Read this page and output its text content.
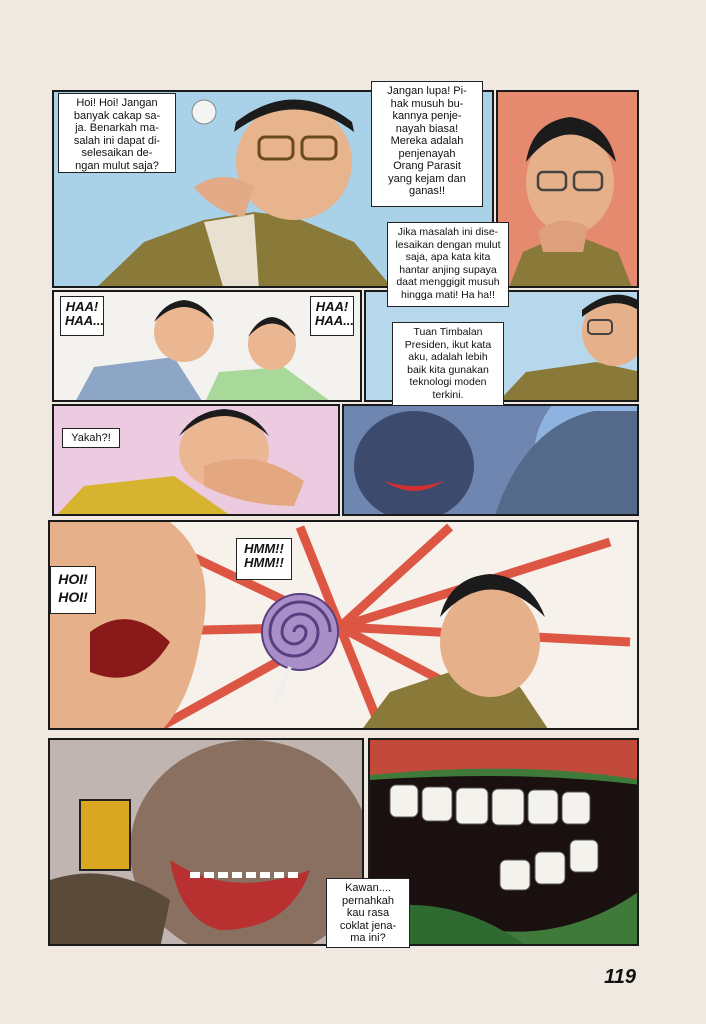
Hoi! Hoi! Jangan
banyak cakap sa-
ja. Benarkah ma-
salah ini dapat di-
selesaikan de-
ngan mulut saja?
Jangan lupa! Pi-
hak musuh bu-
kannya penje-
nayah biasa!
Mereka adalah
penjenayah
Orang Parasit
yang kejam dan
ganas!!
Jika masalah ini dise-
lesaikan dengan mulut
saja, apa kata kita
hantar anjing supaya
daat menggigit musuh
hingga mati! Ha ha!!
HAA!
HAA...
HAA!
HAA...
Tuan Timbalan
Presiden, ikut kata
aku, adalah lebih
baik kita gunakan
teknologi moden
terkini.
Yakah?!
HMM!!
HMM!!
HOI!
HOI!
Kawan....
pernahkah
kau rasa
coklat jena-
ma ini?
119
